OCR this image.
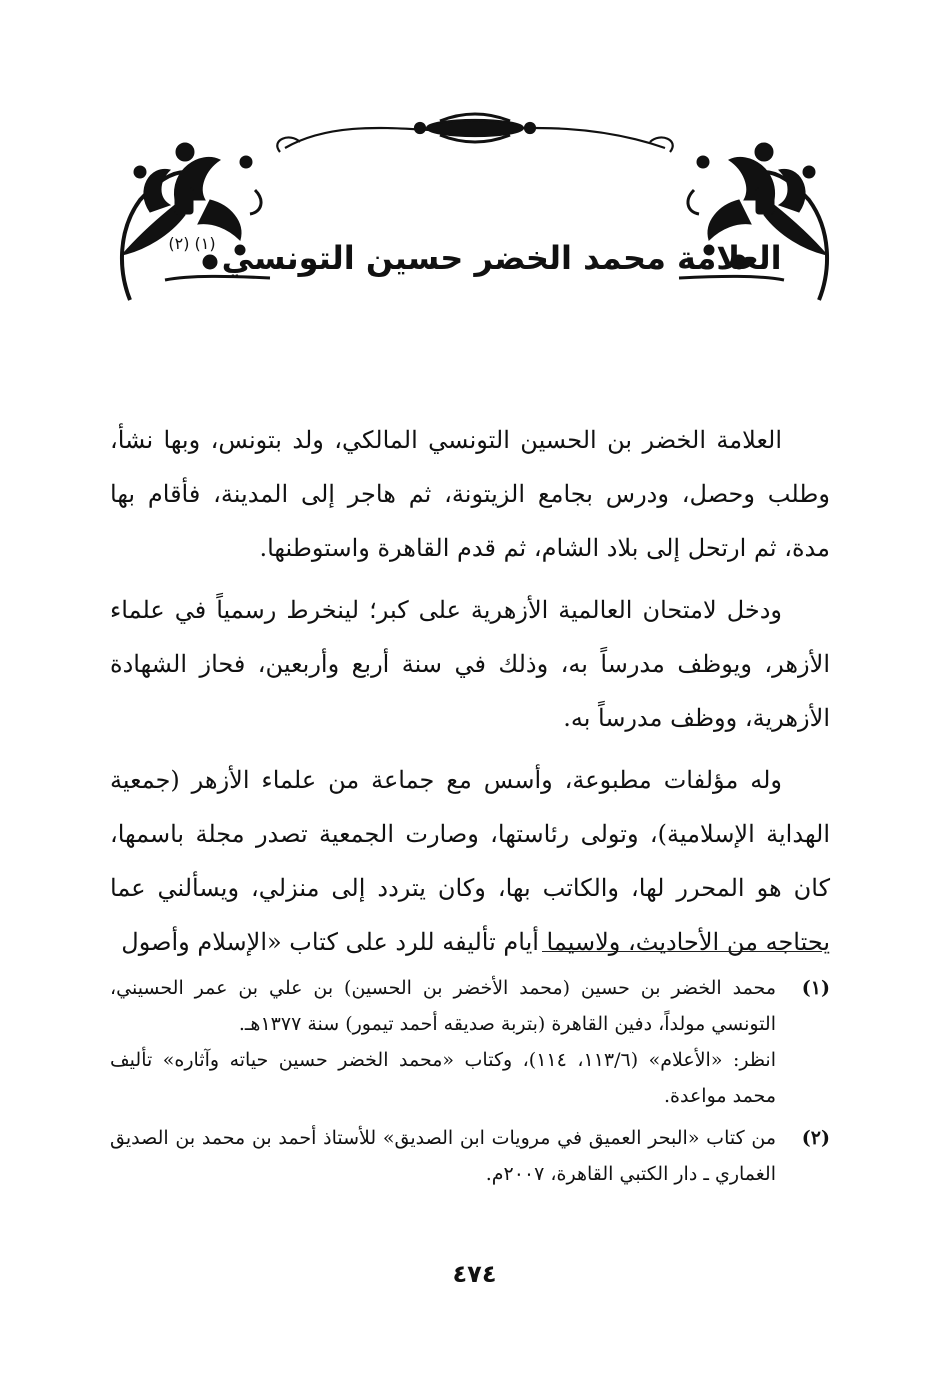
العلامة محمد الخضر حسين التونسي$^{(١) (٢)}$

العلامة الخضر بن الحسين التونسي المالكي، ولد بتونس، وبها نشأ، وطلب وحصل، ودرس بجامع الزيتونة، ثم هاجر إلى المدينة، فأقام بها مدة، ثم ارتحل إلى بلاد الشام، ثم قدم القاهرة واستوطنها.

ودخل لامتحان العالمية الأزهرية على كبر؛ لينخرط رسمياً في علماء الأزهر، ويوظف مدرساً به، وذلك في سنة أربع وأربعين، فحاز الشهادة الأزهرية، ووظف مدرساً به.

وله مؤلفات مطبوعة، وأسس مع جماعة من علماء الأزهر (جمعية الهداية الإسلامية)، وتولى رئاستها، وصارت الجمعية تصدر مجلة باسمها، كان هو المحرر لها، والكاتب بها، وكان يتردد إلى منزلي، ويسألني عما يحتاجه من الأحاديث، ولاسيما أيام تأليفه للرد على كتاب «الإسلام وأصول

(١)
محمد الخضر بن حسين (محمد الأخضر بن الحسين) بن علي بن عمر الحسيني، التونسي مولداً، دفين القاهرة (بتربة صديقه أحمد تيمور) سنة ١٣٧٧هـ.
انظر: «الأعلام» (١١٣/٦، ١١٤)، وكتاب «محمد الخضر حسين حياته وآثاره» تأليف محمد مواعدة.
(٢)
من كتاب «البحر العميق في مرويات ابن الصديق» للأستاذ أحمد بن محمد بن الصديق الغماري ـ دار الكتبي القاهرة، ٢٠٠٧م.
٤٧٤
